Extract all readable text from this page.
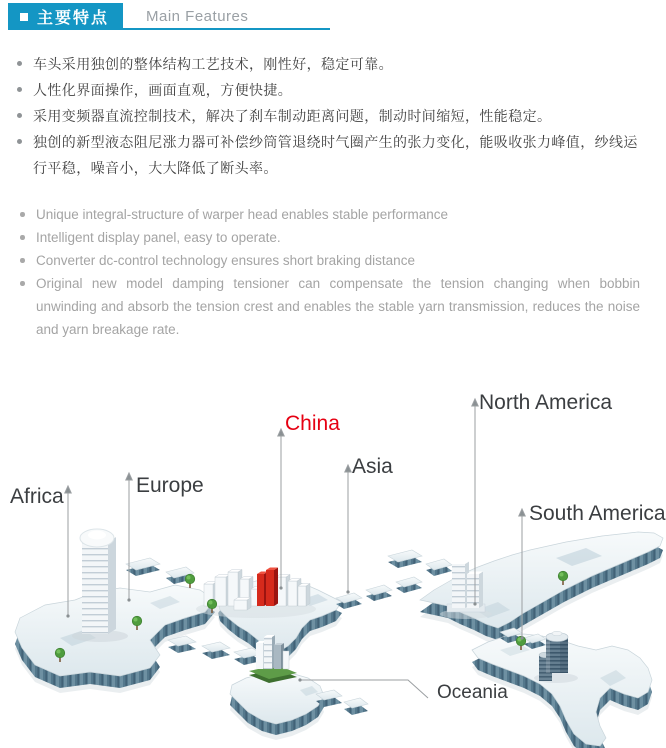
主要特点 Main Features
车头采用独创的整体结构工艺技术，刚性好，稳定可靠。
人性化界面操作，画面直观，方便快捷。
采用变频器直流控制技术，解决了刹车制动距离问题，制动时间缩短，性能稳定。
独创的新型液态阻尼涨力器可补偿纱筒管退绕时气圈产生的张力变化，能吸收张力峰值，纱线运行平稳，噪音小，大大降低了断头率。
Unique integral-structure of warper head enables stable performance
Intelligent display panel, easy to operate.
Converter dc-control technology ensures short braking distance
Original new model damping tensioner can compensate the tension changing when bobbin unwinding and absorb the tension crest and enables the stable yarn transmission, reduces the noise and yarn breakage rate.
Africa	Europe
China
Asia
North America
South America
Oceania
